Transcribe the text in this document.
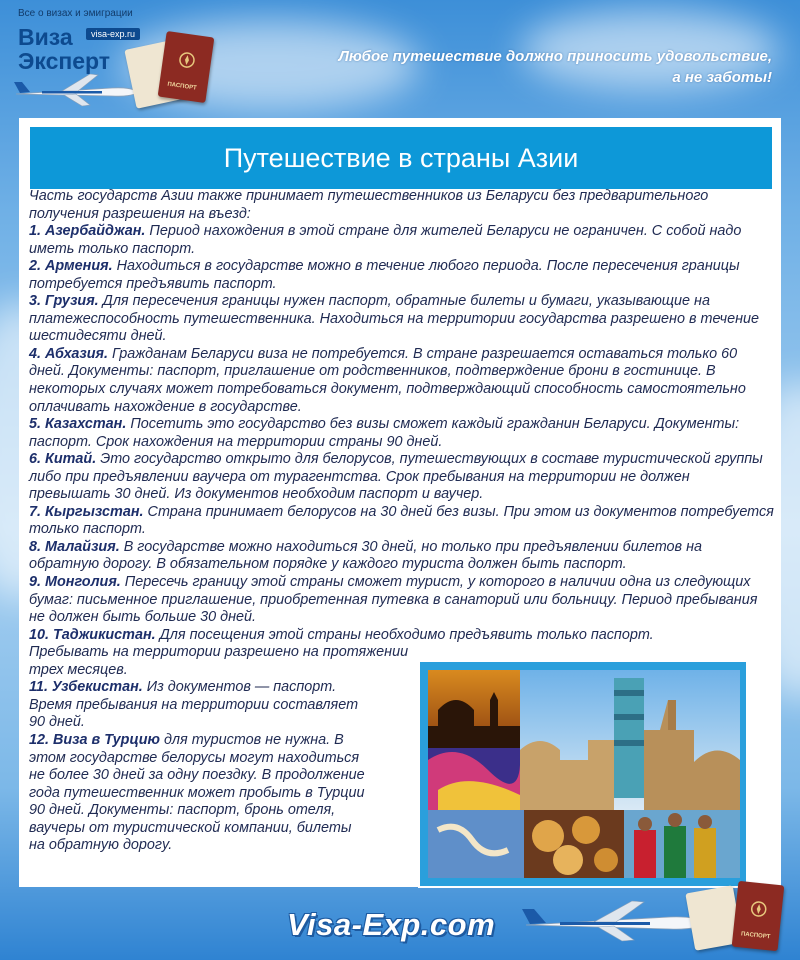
Все о визах и эмиграции
Виза	visa-exp.ru
Эксперт
ПАСПОРТ
Любое путешествие должно приносить удовольствие,
а не заботы!
Путешествие в страны Азии

Часть государств Азии также принимает путешественников из Беларуси без предварительного получения разрешения на въезд:

1. Азербайджан. Период нахождения в этой стране для жителей Беларуси не ограничен. С собой надо иметь только паспорт.

2. Армения. Находиться в государстве можно в течение любого периода. После пересечения границы потребуется предъявить паспорт.

3. Грузия. Для пересечения границы нужен паспорт, обратные билеты и бумаги, указывающие на платежеспособность путешественника. Находиться на территории государства разрешено в течение шестидесяти дней.

4. Абхазия. Гражданам Беларуси виза не потребуется. В стране разрешается оставаться только 60 дней. Документы: паспорт, приглашение от родственников, подтверждение брони в гостинице. В некоторых случаях может потребоваться документ, подтверждающий способность самостоятельно оплачивать нахождение в государстве.

5. Казахстан. Посетить это государство без визы сможет каждый гражданин Беларуси. Документы: паспорт. Срок нахождения на территории страны 90 дней.

6. Китай. Это государство открыто для белорусов, путешествующих в составе туристической группы либо при предъявлении ваучера от турагентства. Срок пребывания на территории не должен превышать 30 дней. Из документов необходим паспорт и ваучер.

7. Кыргызстан. Страна принимает белорусов на 30 дней без визы. При этом из документов потребуется только паспорт.

8. Малайзия. В государстве можно находиться 30 дней, но только при предъявлении билетов на обратную дорогу. В обязательном порядке у каждого туриста должен быть паспорт.

9. Монголия. Пересечь границу этой страны сможет турист, у которого в наличии одна из следующих бумаг: письменное приглашение, приобретенная путевка в санаторий или больницу. Период пребывания не должен быть больше 30 дней.

10. Таджикистан. Для посещения этой страны необходимо предъявить только паспорт. Пребывать на территории разрешено на протяжении

трех месяцев.

11. Узбекистан. Из документов — паспорт.

Время пребывания на территории составляет

90 дней.

12. Виза в Турцию для туристов не нужна. В

этом государстве белорусы могут находиться

не более 30 дней за одну поездку. В продолжение

года путешественник может пробыть в Турции

90 дней. Документы: паспорт, бронь отеля,

ваучеры от туристической компании, билеты

на обратную дорогу.

Visa-Exp.com	ПАСПОРТ
